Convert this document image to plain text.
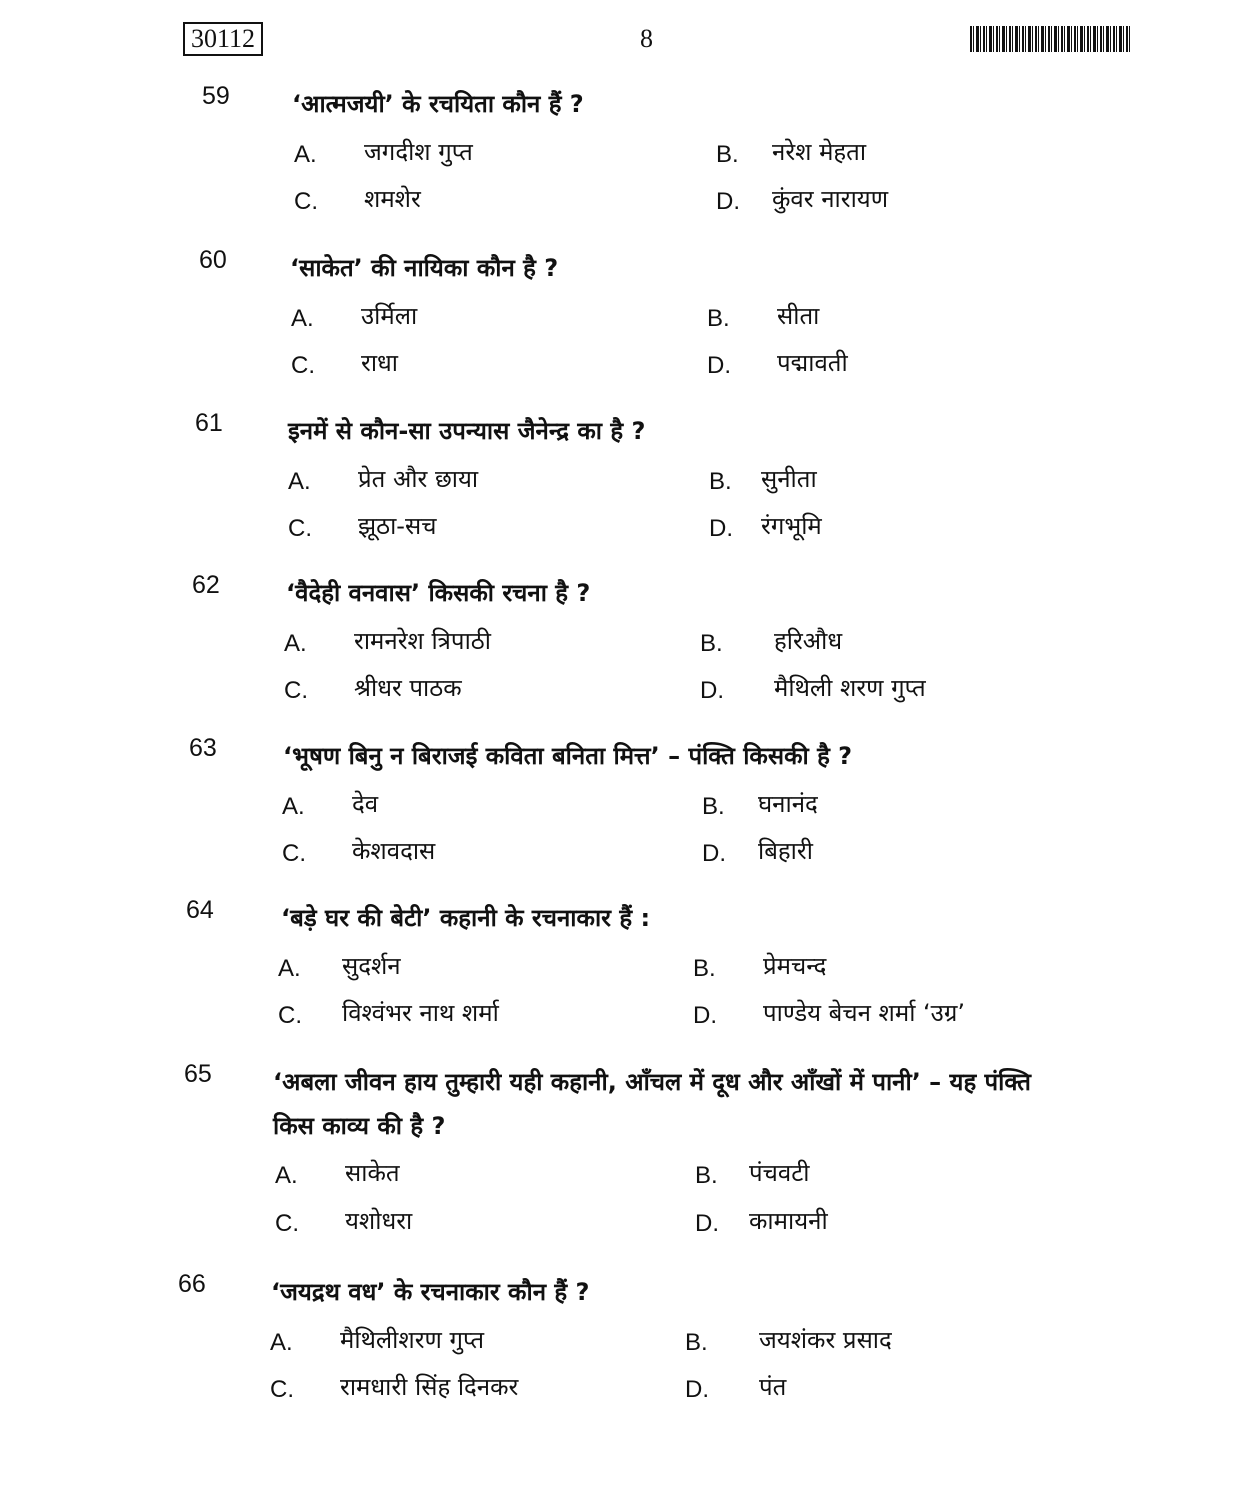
30112	8
59	‘आत्मजयी’ के रचयिता कौन हैं ?
A. जगदीश गुप्त	B. नरेश मेहता
C. शमशेर	D. कुंवर नारायण
60	‘साकेत’ की नायिका कौन है ?
A. उर्मिला	B. सीता
C. राधा	D. पद्मावती
61	इनमें से कौन-सा उपन्यास जैनेन्द्र का है ?
A. प्रेत और छाया	B. सुनीता
C. झूठा-सच	D. रंगभूमि
62	‘वैदेही वनवास’ किसकी रचना है ?
A. रामनरेश त्रिपाठी	B. हरिऔध
C. श्रीधर पाठक	D. मैथिली शरण गुप्त
63	‘भूषण बिनु न बिराजई कविता बनिता मित्त’ – पंक्ति किसकी है ?
A. देव	B. घनानंद
C. केशवदास	D. बिहारी
64	‘बड़े घर की बेटी’ कहानी के रचनाकार हैं :
A. सुदर्शन	B. प्रेमचन्द
C. विश्वंभर नाथ शर्मा	D. पाण्डेय बेचन शर्मा ‘उग्र’
65	‘अबला जीवन हाय तुम्हारी यही कहानी, आँचल में दूध और आँखों में पानी’ – यह पंक्ति किस काव्य की है ?
A. साकेत	B. पंचवटी
C. यशोधरा	D. कामायनी
66	‘जयद्रथ वध’ के रचनाकार कौन हैं ?
A. मैथिलीशरण गुप्त	B. जयशंकर प्रसाद
C. रामधारी सिंह दिनकर	D. पंत
